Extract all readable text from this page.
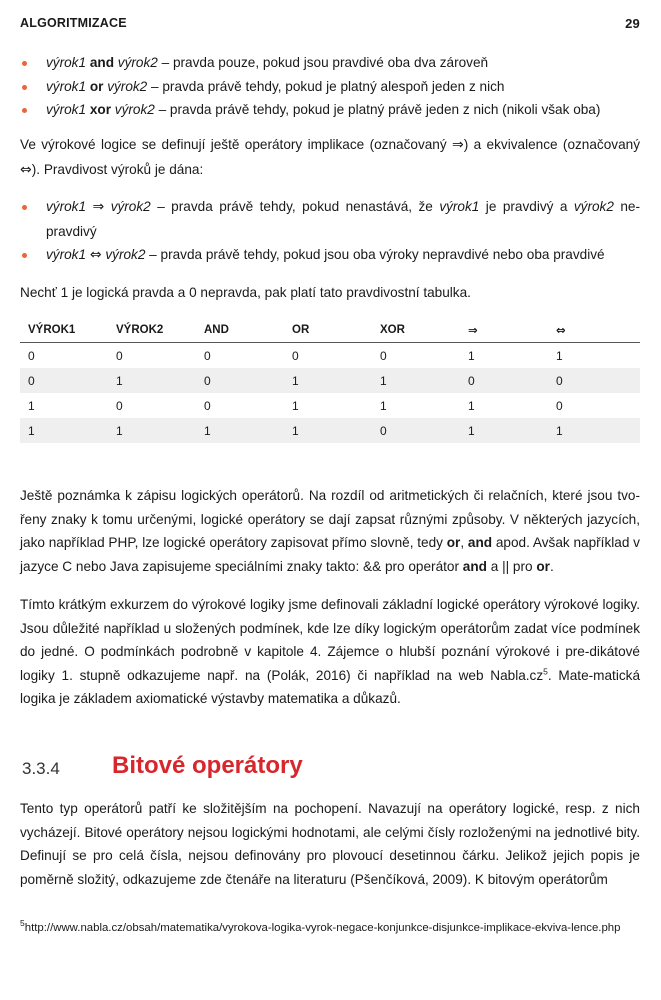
ALGORITMIZACE	29
výrok1 and výrok2 – pravda pouze, pokud jsou pravdivé oba dva zároveň
výrok1 or výrok2 – pravda právě tehdy, pokud je platný alespoň jeden z nich
výrok1 xor výrok2 – pravda právě tehdy, pokud je platný právě jeden z nich (nikoli však oba)

Ve výrokové logice se definují ještě operátory implikace (označovaný ⇒) a ekvivalence (označovaný ⇔). Pravdivost výroků je dána:

výrok1 ⇒ výrok2 – pravda právě tehdy, pokud nenastává, že výrok1 je pravdivý a výrok2 ne-pravdivý
výrok1 ⇔ výrok2 – pravda právě tehdy, pokud jsou oba výroky nepravdivé nebo oba pravdivé

Nechť 1 je logická pravda a 0 nepravda, pak platí tato pravdivostní tabulka.

VÝROK1	VÝROK2	AND	OR	XOR	⇒	⇔
0	0	0	0	0	1	1
0	1	0	1	1	0	0
1	0	0	1	1	1	0
1	1	1	1	0	1	1

Ještě poznámka k zápisu logických operátorů. Na rozdíl od aritmetických či relačních, které jsou tvo-řeny znaky k tomu určenými, logické operátory se dají zapsat různými způsoby. V některých jazycích, jako například PHP, lze logické operátory zapisovat přímo slovně, tedy or, and apod. Avšak například v jazyce C nebo Java zapisujeme speciálními znaky takto: && pro operátor and a || pro or.

Tímto krátkým exkurzem do výrokové logiky jsme definovali základní logické operátory výrokové logiky. Jsou důležité například u složených podmínek, kde lze díky logickým operátorům zadat více podmínek do jedné. O podmínkách podrobně v kapitole 4. Zájemce o hlubší poznání výrokové i pre-dikátové logiky 1. stupně odkazujeme např. na (Polák, 2016) či například na web $Nabla.cz^5$. Mate-matická logika je základem axiomatické výstavby matematika a důkazů.

3.3.4 Bitové operátory

Tento typ operátorů patří ke složitějším na pochopení. Navazují na operátory logické, resp. z nich vycházejí. Bitové operátory nejsou logickými hodnotami, ale celými čísly rozloženými na jednotlivé bity. Definují se pro celá čísla, nejsou definovány pro plovoucí desetinnou čárku. Jelikož jejich popis je poměrně složitý, odkazujeme zde čtenáře na literaturu (Pšenčíková, 2009). K bitovým operátorům

$^5$http://www.nabla.cz/obsah/matematika/vyrokova-logika-vyrok-negace-konjunkce-disjunkce-implikace-ekviva-lence.php
